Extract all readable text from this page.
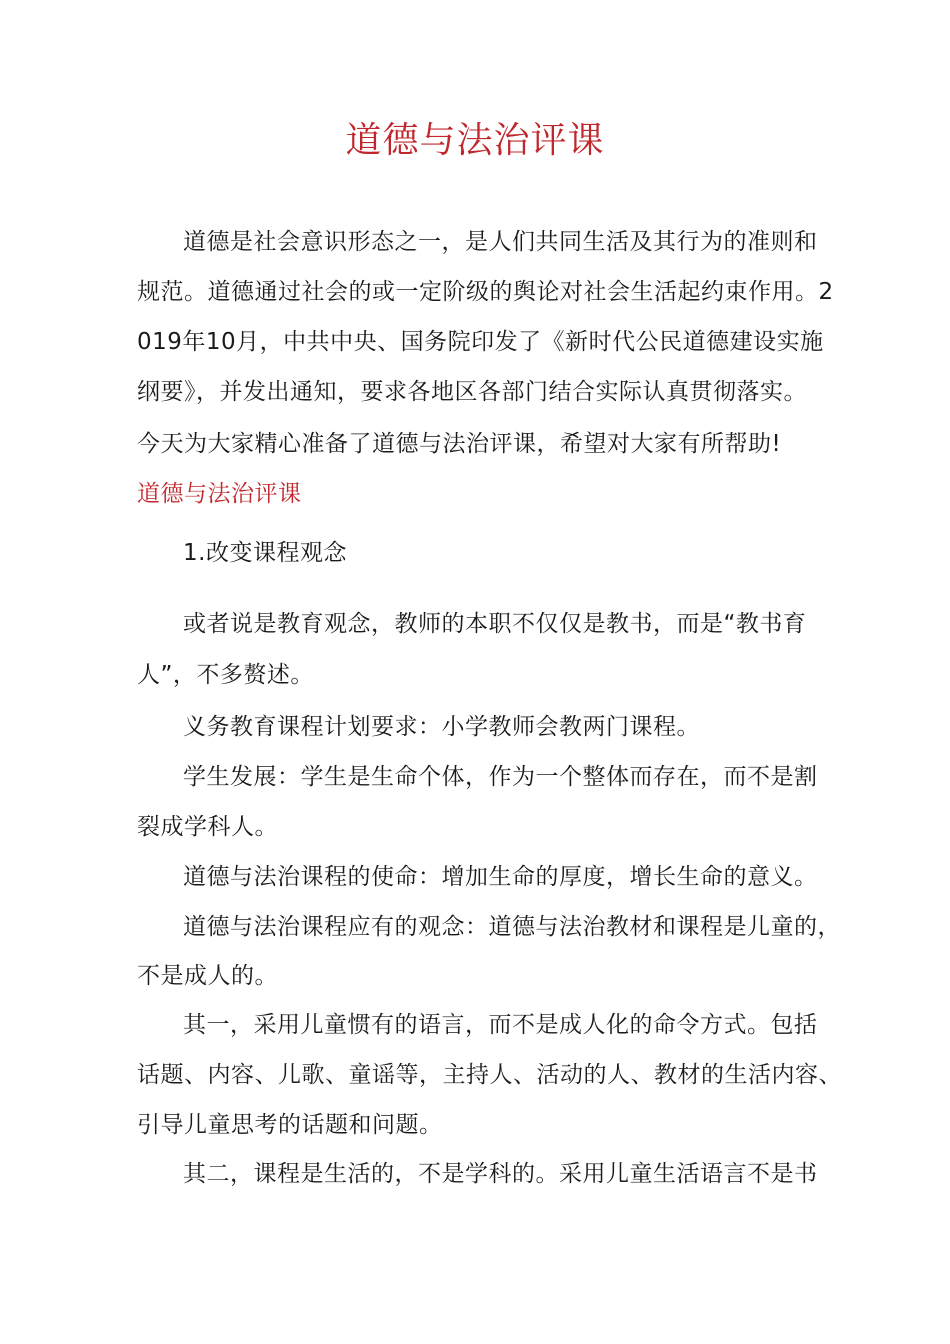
道德与法治评课
道德是社会意识形态之一，是人们共同生活及其行为的准则和
规范。道德通过社会的或一定阶级的舆论对社会生活起约束作用。2
019年10月，中共中央、国务院印发了《新时代公民道德建设实施
纲要》，并发出通知，要求各地区各部门结合实际认真贯彻落实。
今天为大家精心准备了道德与法治评课，希望对大家有所帮助!
道德与法治评课
1.改变课程观念
或者说是教育观念，教师的本职不仅仅是教书，而是“教书育
人”，不多赘述。
义务教育课程计划要求：小学教师会教两门课程。
学生发展：学生是生命个体，作为一个整体而存在，而不是割
裂成学科人。
道德与法治课程的使命：增加生命的厚度，增长生命的意义。
道德与法治课程应有的观念：道德与法治教材和课程是儿童的，
不是成人的。
其一，采用儿童惯有的语言，而不是成人化的命令方式。包括
话题、内容、儿歌、童谣等，主持人、活动的人、教材的生活内容、
引导儿童思考的话题和问题。
其二，课程是生活的，不是学科的。采用儿童生活语言不是书
